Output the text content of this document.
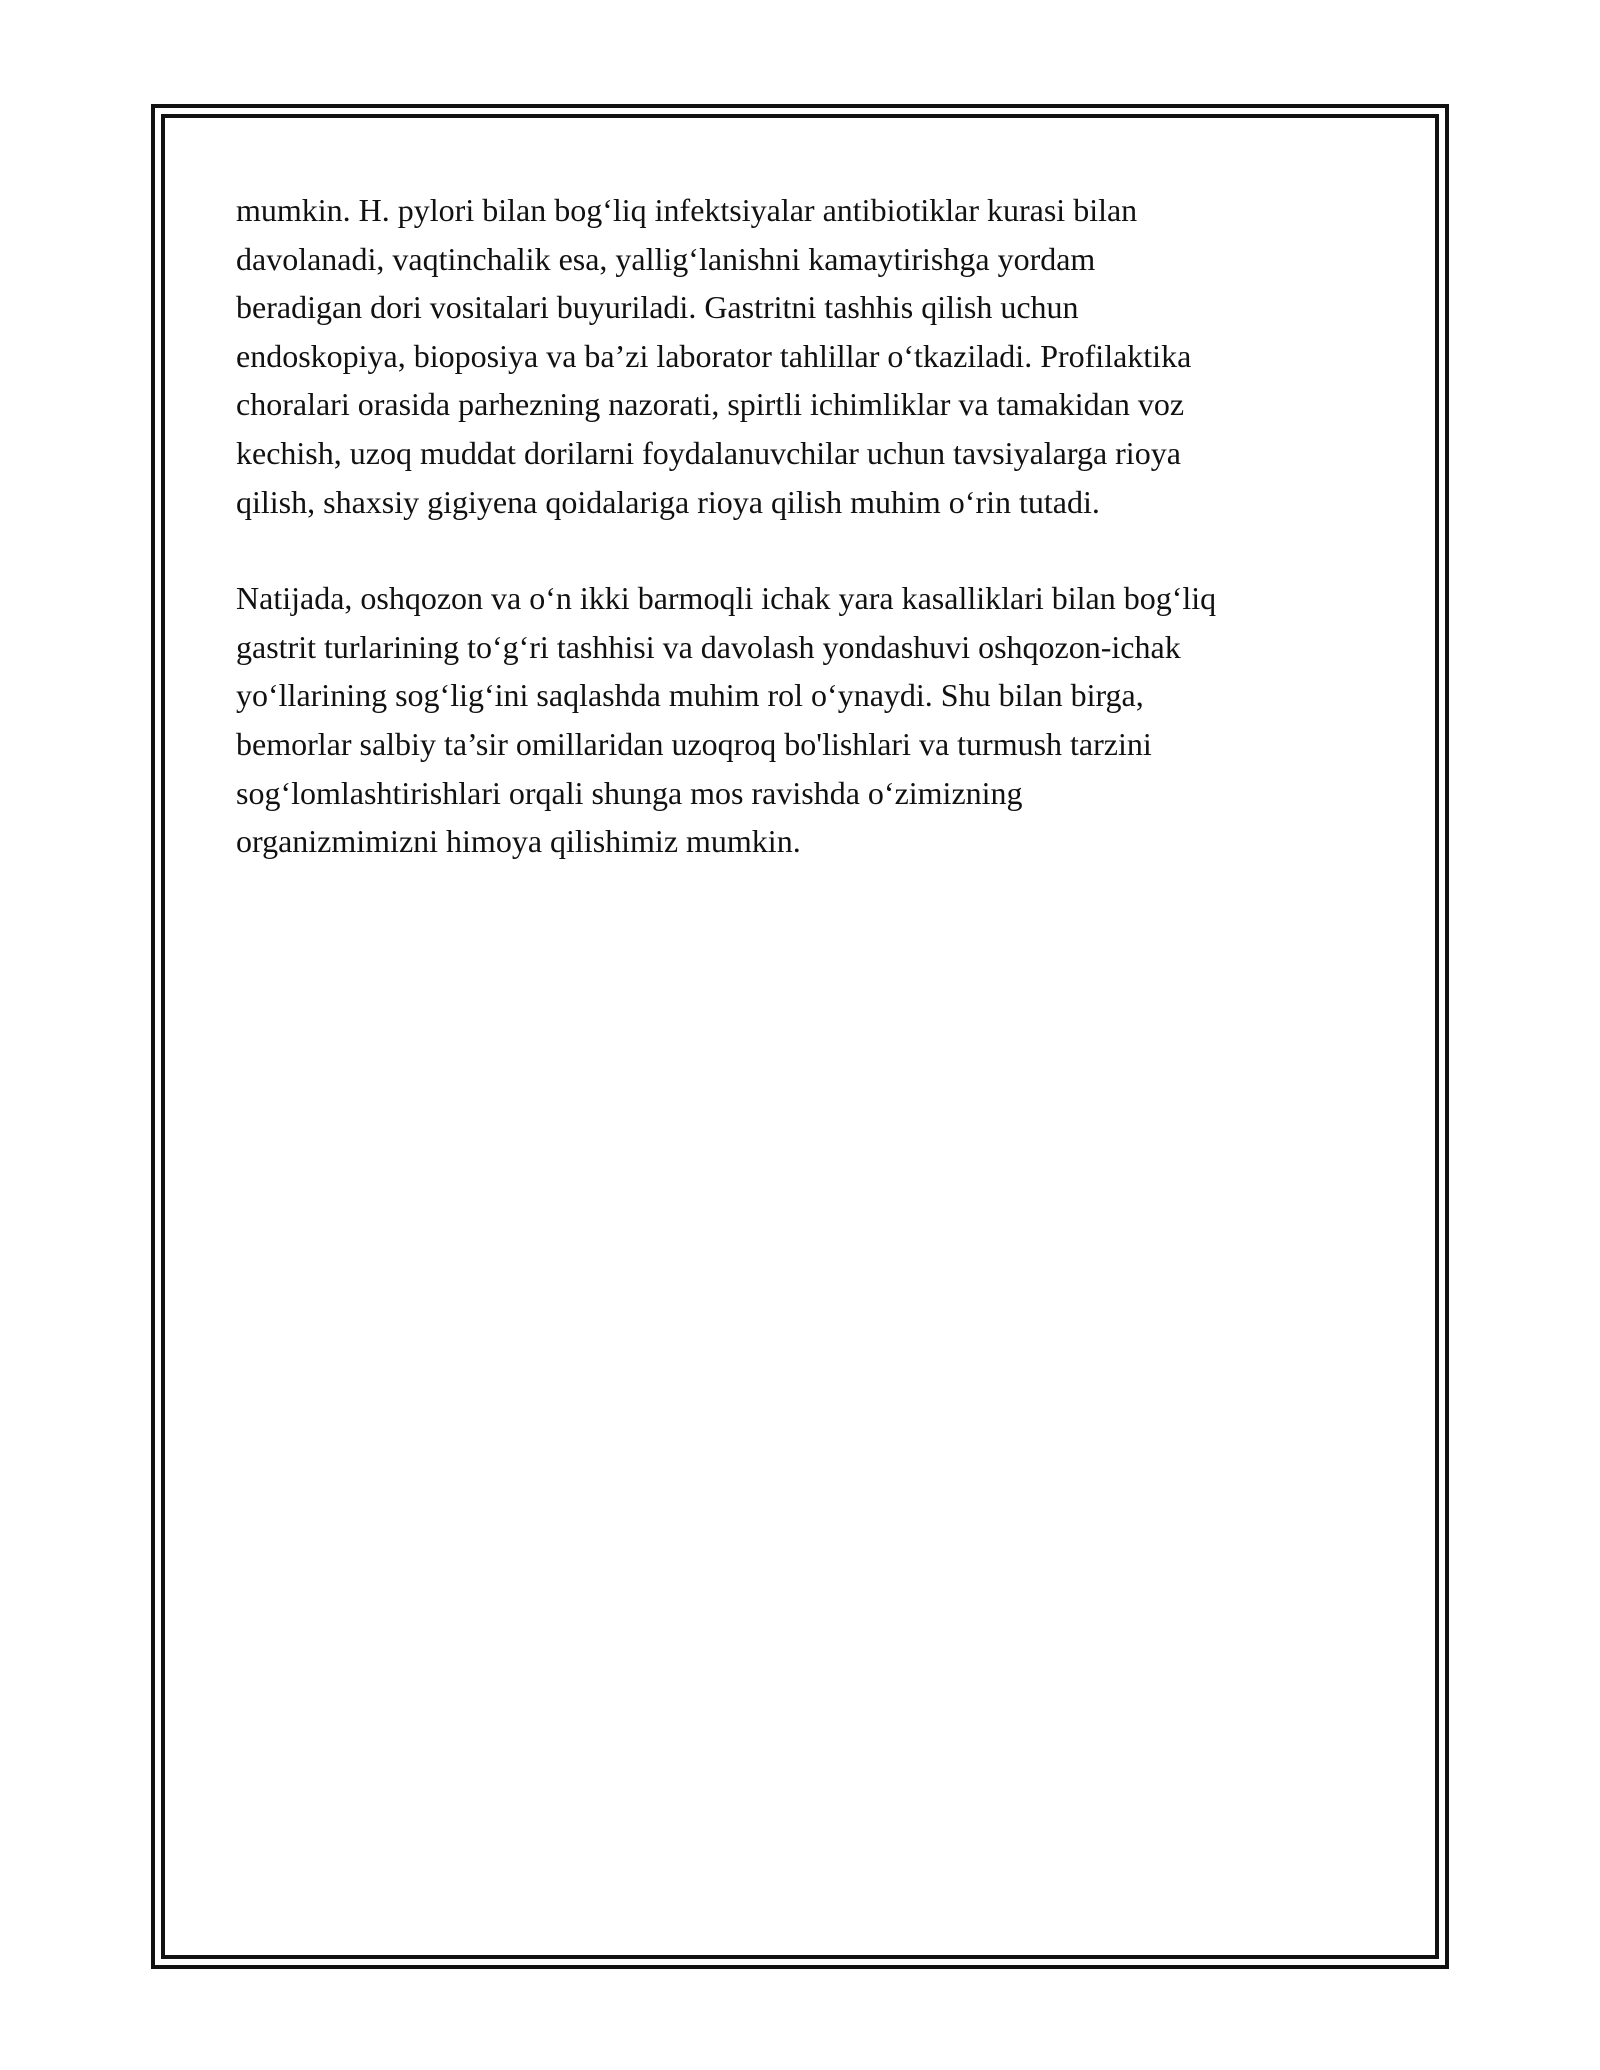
mumkin. H. pylori bilan bog‘liq infektsiyalar antibiotiklar kurasi bilan
davolanadi, vaqtinchalik esa, yallig‘lanishni kamaytirishga yordam
beradigan dori vositalari buyuriladi. Gastritni tashhis qilish uchun
endoskopiya, bioposiya va ba’zi laborator tahlillar o‘tkaziladi. Profilaktika
choralari orasida parhezning nazorati, spirtli ichimliklar va tamakidan voz
kechish, uzoq muddat dorilarni foydalanuvchilar uchun tavsiyalarga rioya
qilish, shaxsiy gigiyena qoidalariga rioya qilish muhim o‘rin tutadi.

Natijada, oshqozon va o‘n ikki barmoqli ichak yara kasalliklari bilan bog‘liq
gastrit turlarining to‘g‘ri tashhisi va davolash yondashuvi oshqozon-ichak
yo‘llarining sog‘lig‘ini saqlashda muhim rol o‘ynaydi. Shu bilan birga,
bemorlar salbiy ta’sir omillaridan uzoqroq bo'lishlari va turmush tarzini
sog‘lomlashtirishlari orqali shunga mos ravishda o‘zimizning
organizmimizni himoya qilishimiz mumkin.
